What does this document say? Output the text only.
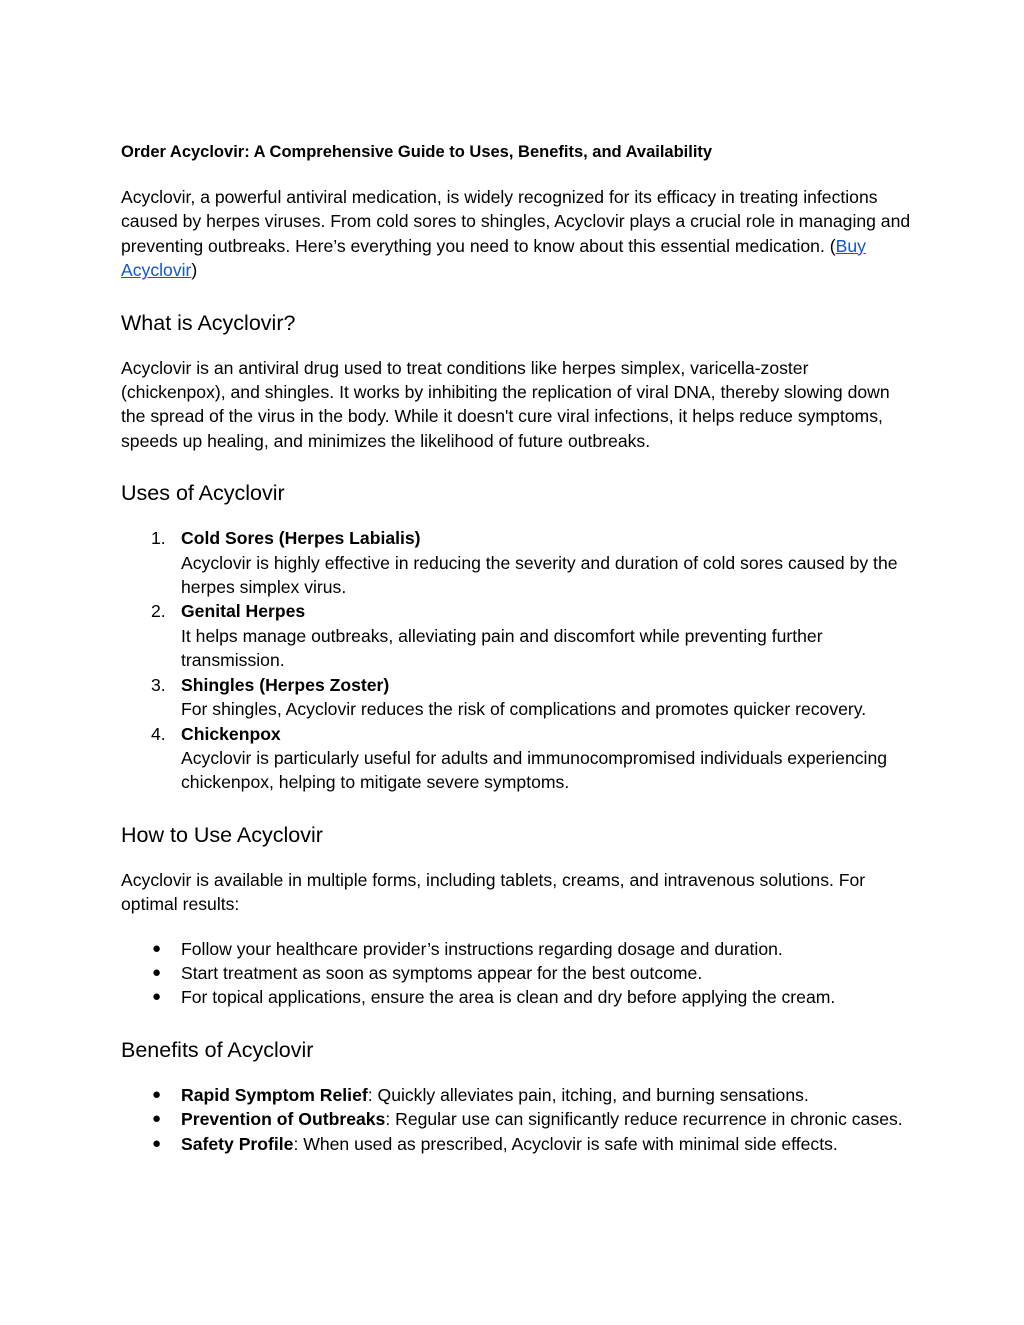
Order Acyclovir: A Comprehensive Guide to Uses, Benefits, and Availability

Acyclovir, a powerful antiviral medication, is widely recognized for its efficacy in treating infections caused by herpes viruses. From cold sores to shingles, Acyclovir plays a crucial role in managing and preventing outbreaks. Here’s everything you need to know about this essential medication. (Buy Acyclovir)

What is Acyclovir?

Acyclovir is an antiviral drug used to treat conditions like herpes simplex, varicella-zoster (chickenpox), and shingles. It works by inhibiting the replication of viral DNA, thereby slowing down the spread of the virus in the body. While it doesn't cure viral infections, it helps reduce symptoms, speeds up healing, and minimizes the likelihood of future outbreaks.

Uses of Acyclovir
1. Cold Sores (Herpes Labialis)
Acyclovir is highly effective in reducing the severity and duration of cold sores caused by the herpes simplex virus.
2. Genital Herpes
It helps manage outbreaks, alleviating pain and discomfort while preventing further transmission.
3. Shingles (Herpes Zoster)
For shingles, Acyclovir reduces the risk of complications and promotes quicker recovery.
4. Chickenpox
Acyclovir is particularly useful for adults and immunocompromised individuals experiencing chickenpox, helping to mitigate severe symptoms.
How to Use Acyclovir

Acyclovir is available in multiple forms, including tablets, creams, and intravenous solutions. For optimal results:

●	Follow your healthcare provider’s instructions regarding dosage and duration.
●	Start treatment as soon as symptoms appear for the best outcome.
●	For topical applications, ensure the area is clean and dry before applying the cream.
Benefits of Acyclovir
●	Rapid Symptom Relief: Quickly alleviates pain, itching, and burning sensations.
●	Prevention of Outbreaks: Regular use can significantly reduce recurrence in chronic cases.
●	Safety Profile: When used as prescribed, Acyclovir is safe with minimal side effects.
